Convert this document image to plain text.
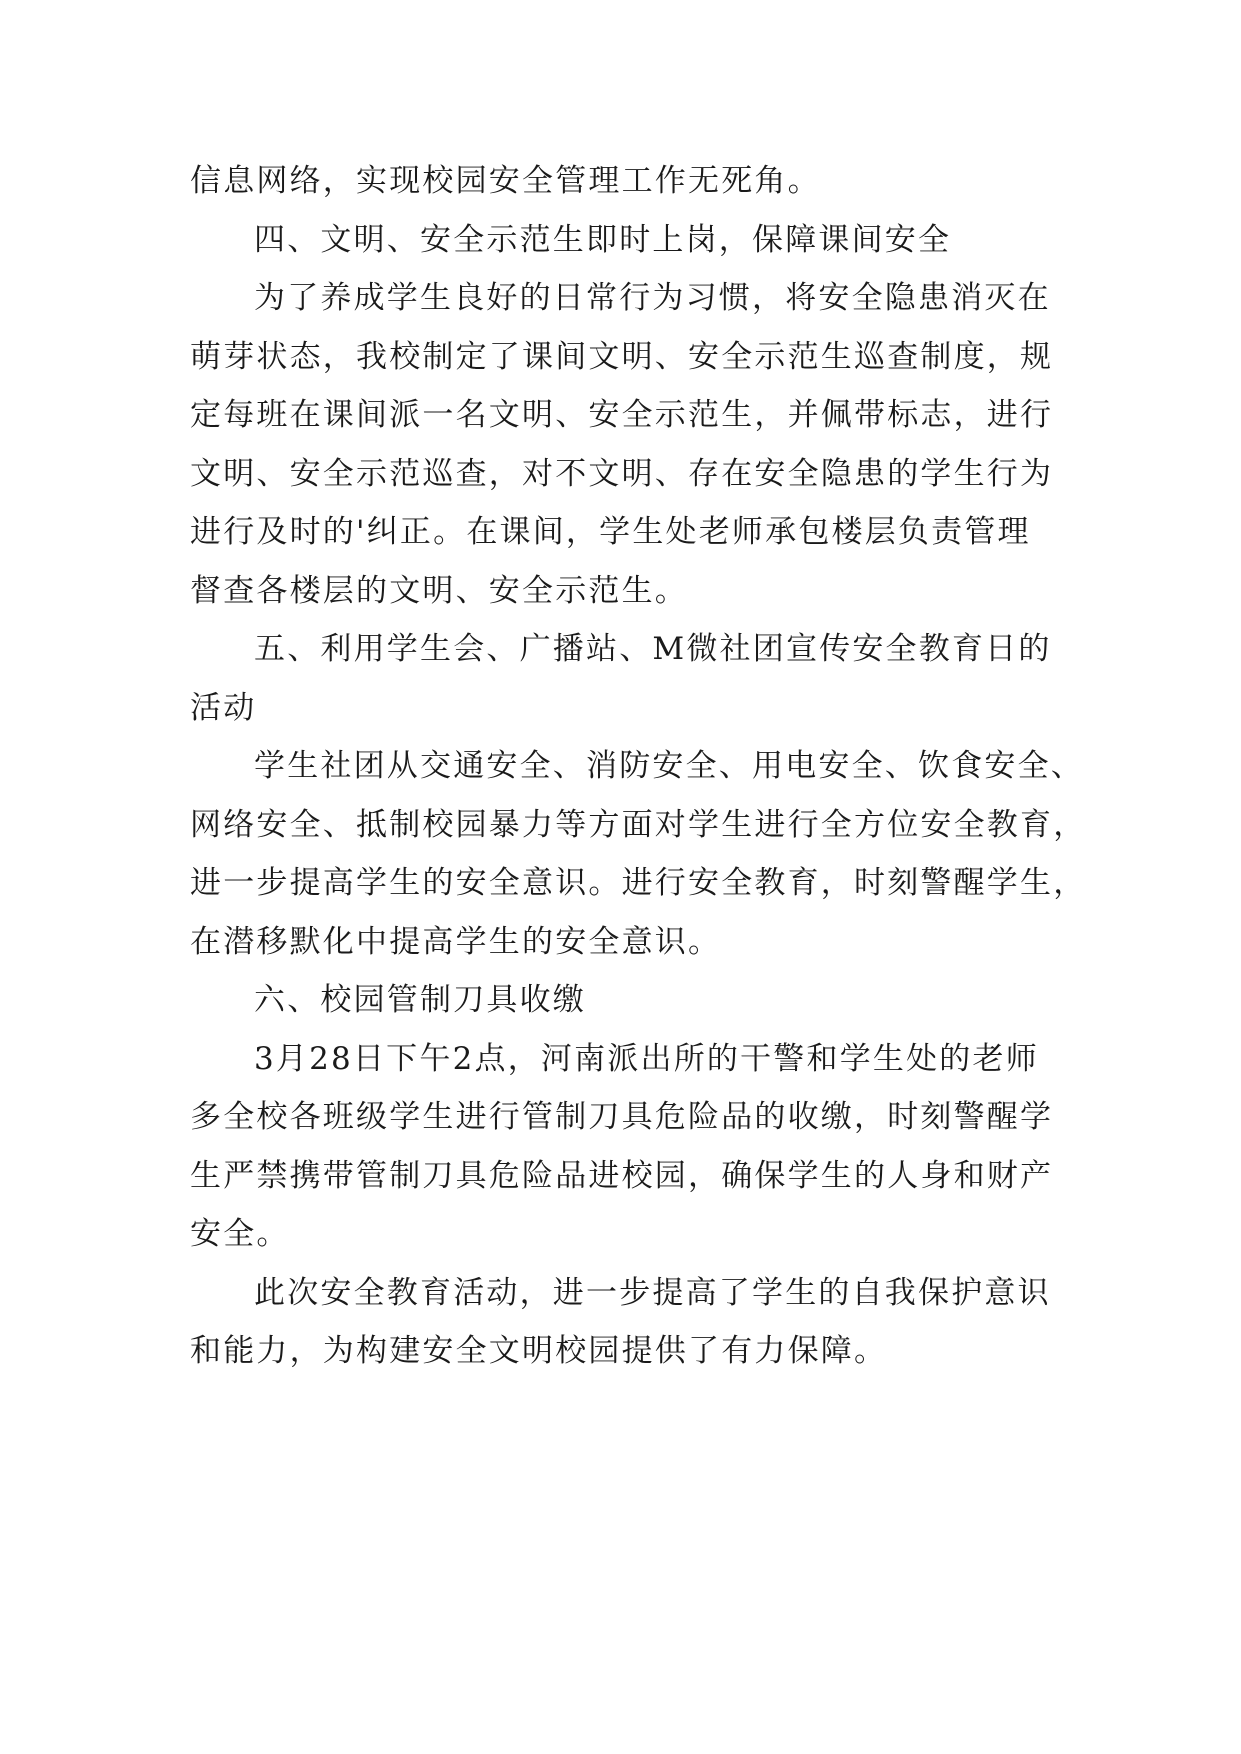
信息网络，实现校园安全管理工作无死角。
四、文明、安全示范生即时上岗，保障课间安全
为了养成学生良好的日常行为习惯，将安全隐患消灭在
萌芽状态，我校制定了课间文明、安全示范生巡查制度，规
定每班在课间派一名文明、安全示范生，并佩带标志，进行
文明、安全示范巡查，对不文明、存在安全隐患的学生行为
进行及时的'纠正。在课间，学生处老师承包楼层负责管理
督查各楼层的文明、安全示范生。
五、利用学生会、广播站、M微社团宣传安全教育日的
活动
学生社团从交通安全、消防安全、用电安全、饮食安全、
网络安全、抵制校园暴力等方面对学生进行全方位安全教育，
进一步提高学生的安全意识。进行安全教育，时刻警醒学生，
在潜移默化中提高学生的安全意识。
六、校园管制刀具收缴
3月28日下午2点，河南派出所的干警和学生处的老师
多全校各班级学生进行管制刀具危险品的收缴，时刻警醒学
生严禁携带管制刀具危险品进校园，确保学生的人身和财产
安全。
此次安全教育活动，进一步提高了学生的自我保护意识
和能力，为构建安全文明校园提供了有力保障。
